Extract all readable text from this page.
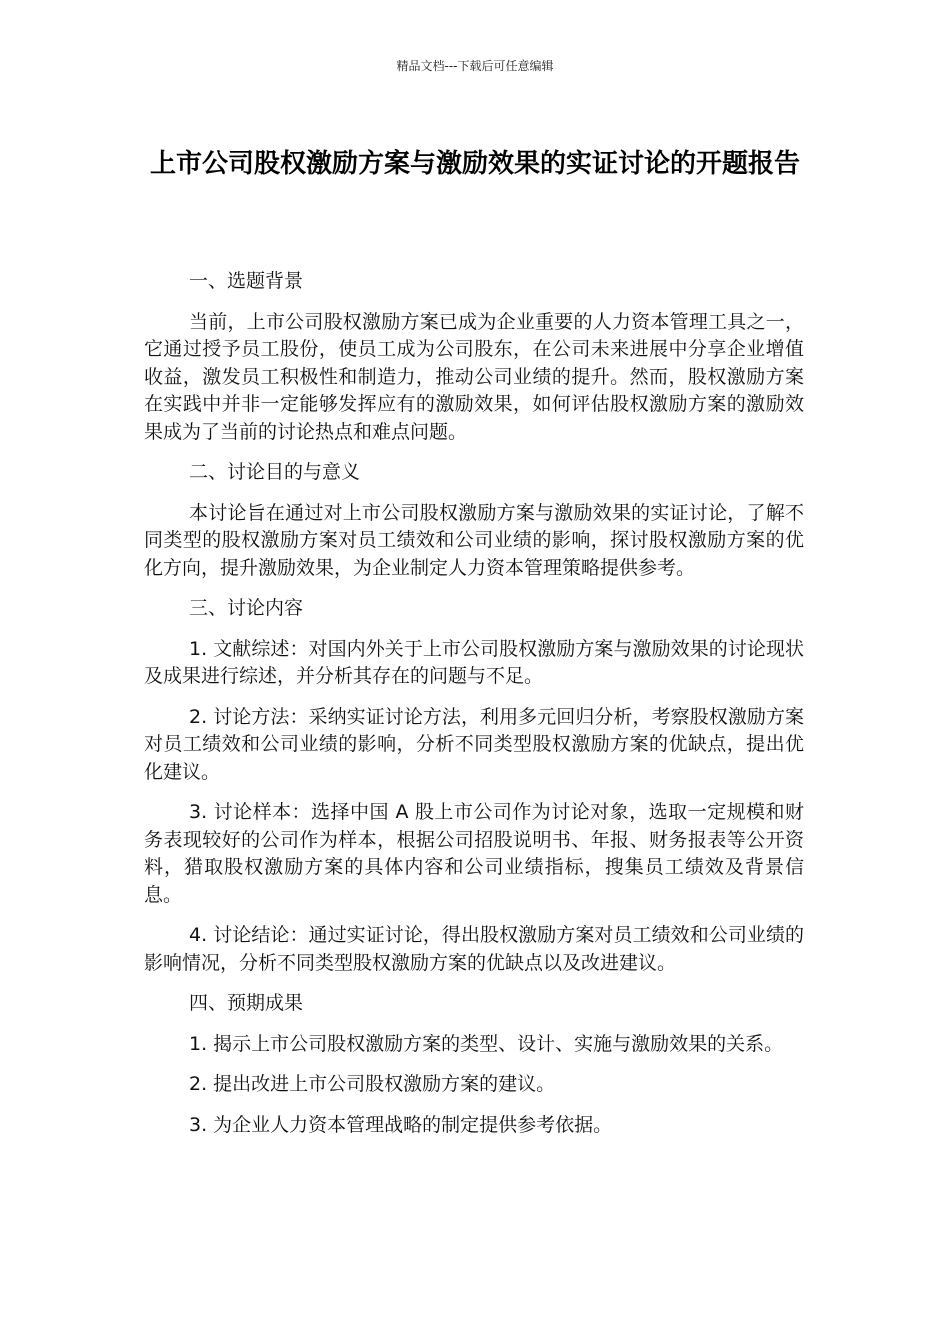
精品文档---下载后可任意编辑
上市公司股权激励方案与激励效果的实证讨论的开题报告

一、选题背景

当前，上市公司股权激励方案已成为企业重要的人力资本管理工具之一，它通过授予员工股份，使员工成为公司股东，在公司未来进展中分享企业增值收益，激发员工积极性和制造力，推动公司业绩的提升。然而，股权激励方案在实践中并非一定能够发挥应有的激励效果，如何评估股权激励方案的激励效果成为了当前的讨论热点和难点问题。

二、讨论目的与意义

本讨论旨在通过对上市公司股权激励方案与激励效果的实证讨论，了解不同类型的股权激励方案对员工绩效和公司业绩的影响，探讨股权激励方案的优化方向，提升激励效果，为企业制定人力资本管理策略提供参考。

三、讨论内容

1. 文献综述：对国内外关于上市公司股权激励方案与激励效果的讨论现状及成果进行综述，并分析其存在的问题与不足。

2. 讨论方法：采纳实证讨论方法，利用多元回归分析，考察股权激励方案对员工绩效和公司业绩的影响，分析不同类型股权激励方案的优缺点，提出优化建议。

3. 讨论样本：选择中国 A 股上市公司作为讨论对象，选取一定规模和财务表现较好的公司作为样本，根据公司招股说明书、年报、财务报表等公开资料，猎取股权激励方案的具体内容和公司业绩指标，搜集员工绩效及背景信息。

4. 讨论结论：通过实证讨论，得出股权激励方案对员工绩效和公司业绩的影响情况，分析不同类型股权激励方案的优缺点以及改进建议。

四、预期成果

1. 揭示上市公司股权激励方案的类型、设计、实施与激励效果的关系。

2. 提出改进上市公司股权激励方案的建议。

3. 为企业人力资本管理战略的制定提供参考依据。
